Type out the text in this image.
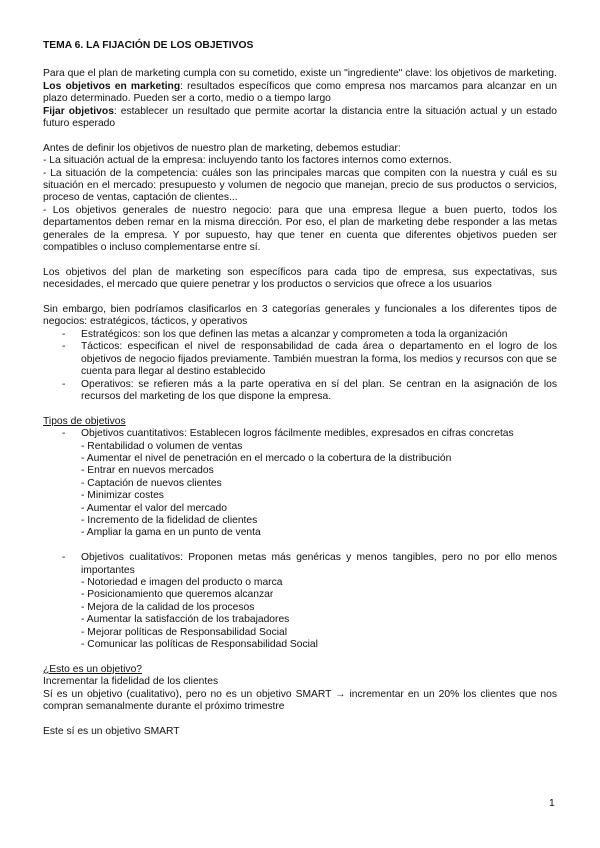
TEMA 6. LA FIJACIÓN DE LOS OBJETIVOS

Para que el plan de marketing cumpla con su cometido, existe un "ingrediente" clave: los objetivos de marketing.

Los objetivos en marketing: resultados específicos que como empresa nos marcamos para alcanzar en un plazo determinado. Pueden ser a corto, medio o a tiempo largo

Fijar objetivos: establecer un resultado que permite acortar la distancia entre la situación actual y un estado futuro esperado

Antes de definir los objetivos de nuestro plan de marketing, debemos estudiar:

- La situación actual de la empresa: incluyendo tanto los factores internos como externos.

- La situación de la competencia: cuáles son las principales marcas que compiten con la nuestra y cuál es su situación en el mercado: presupuesto y volumen de negocio que manejan, precio de sus productos o servicios, proceso de ventas, captación de clientes...

- Los objetivos generales de nuestro negocio: para que una empresa llegue a buen puerto, todos los departamentos deben remar en la misma dirección. Por eso, el plan de marketing debe responder a las metas generales de la empresa. Y por supuesto, hay que tener en cuenta que diferentes objetivos pueden ser compatibles o incluso complementarse entre sí.

Los objetivos del plan de marketing son específicos para cada tipo de empresa, sus expectativas, sus necesidades, el mercado que quiere penetrar y los productos o servicios que ofrece a los usuarios

Sin embargo, bien podríamos clasificarlos en 3 categorías generales y funcionales a los diferentes tipos de negocios: estratégicos, tácticos, y operativos

- Estratégicos: son los que definen las metas a alcanzar y comprometen a toda la organización
- Tácticos: especifican el nivel de responsabilidad de cada área o departamento en el logro de los objetivos de negocio fijados previamente. También muestran la forma, los medios y recursos con que se cuenta para llegar al destino establecido
- Operativos: se refieren más a la parte operativa en sí del plan. Se centran en la asignación de los recursos del marketing de los que dispone la empresa.

Tipos de objetivos

- Objetivos cuantitativos: Establecen logros fácilmente medibles, expresados en cifras concretas
- Rentabilidad o volumen de ventas
- Aumentar el nivel de penetración en el mercado o la cobertura de la distribución
- Entrar en nuevos mercados
- Captación de nuevos clientes
- Minimizar costes
- Aumentar el valor del mercado
- Incremento de la fidelidad de clientes
- Ampliar la gama en un punto de venta
- Objetivos cualitativos: Proponen metas más genéricas y menos tangibles, pero no por ello menos importantes
- Notoriedad e imagen del producto o marca
- Posicionamiento que queremos alcanzar
- Mejora de la calidad de los procesos
- Aumentar la satisfacción de los trabajadores
- Mejorar políticas de Responsabilidad Social
- Comunicar las políticas de Responsabilidad Social

¿Esto es un objetivo?

Incrementar la fidelidad de los clientes

Sí es un objetivo (cualitativo), pero no es un objetivo SMART → incrementar en un 20% los clientes que nos compran semanalmente durante el próximo trimestre

Este sí es un objetivo SMART

1
